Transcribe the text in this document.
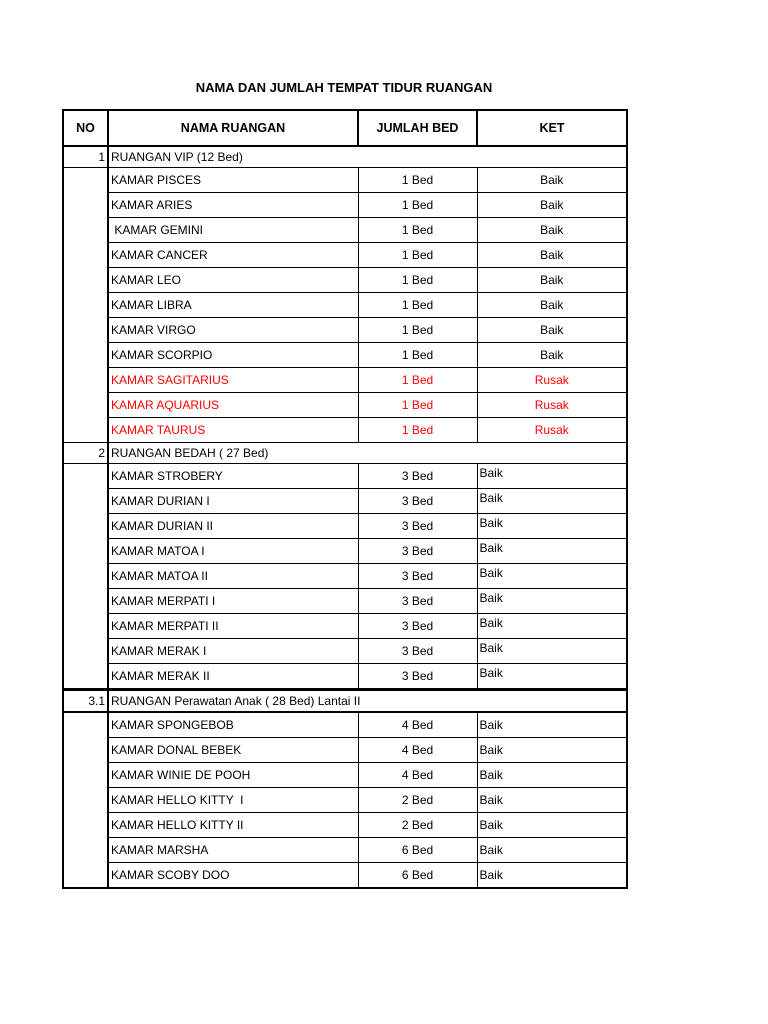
NAMA DAN JUMLAH TEMPAT TIDUR RUANGAN
NO	NAMA RUANGAN	JUMLAH BED	KET
1	RUANGAN VIP (12 Bed)		
	KAMAR PISCES	1 Bed	Baik
	KAMAR ARIES	1 Bed	Baik
	KAMAR GEMINI	1 Bed	Baik
	KAMAR CANCER	1 Bed	Baik
	KAMAR LEO	1 Bed	Baik
	KAMAR LIBRA	1 Bed	Baik
	KAMAR VIRGO	1 Bed	Baik
	KAMAR SCORPIO	1 Bed	Baik
	KAMAR SAGITARIUS	1 Bed	Rusak
	KAMAR AQUARIUS	1 Bed	Rusak
	KAMAR TAURUS	1 Bed	Rusak
2	RUANGAN BEDAH ( 27 Bed)		
	KAMAR STROBERY	3 Bed	Baik
	KAMAR DURIAN I	3 Bed	Baik
	KAMAR DURIAN II	3 Bed	Baik
	KAMAR MATOA I	3 Bed	Baik
	KAMAR MATOA II	3 Bed	Baik
	KAMAR MERPATI I	3 Bed	Baik
	KAMAR MERPATI II	3 Bed	Baik
	KAMAR MERAK I	3 Bed	Baik
	KAMAR MERAK II	3 Bed	Baik
3.1	RUANGAN Perawatan Anak ( 28 Bed) Lantai II		
	KAMAR SPONGEBOB	4 Bed	Baik
	KAMAR DONAL BEBEK	4 Bed	Baik
	KAMAR WINIE DE POOH	4 Bed	Baik
	KAMAR HELLO KITTY  I	2 Bed	Baik
	KAMAR HELLO KITTY II	2 Bed	Baik
	KAMAR MARSHA	6 Bed	Baik
	KAMAR SCOBY DOO	6 Bed	Baik
